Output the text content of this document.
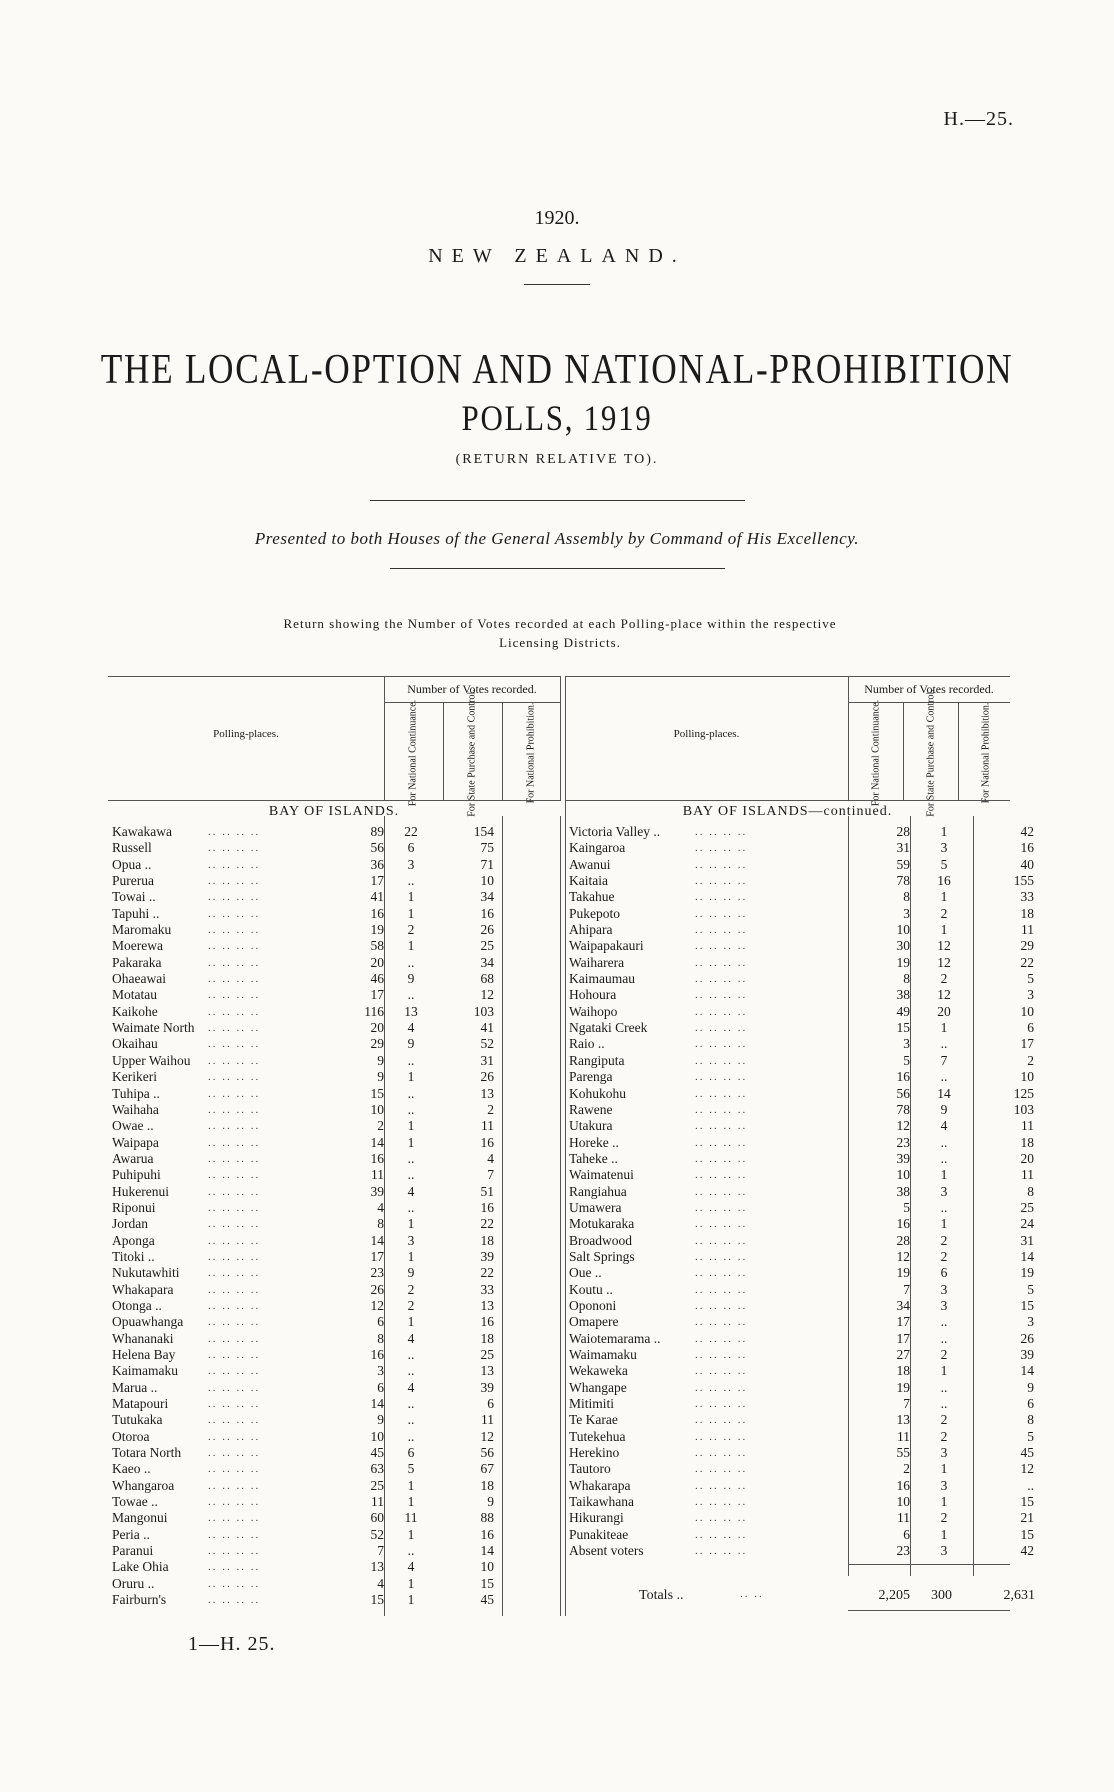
H.—25.
1920.
NEW ZEALAND.
THE LOCAL-OPTION AND NATIONAL-PROHIBITION
POLLS, 1919
(RETURN RELATIVE TO).
Presented to both Houses of the General Assembly by Command of His Excellency.
Return showing the Number of Votes recorded at each Polling-place within the respective
Licensing Districts.
Polling-places.
Number of Votes recorded.
For National Continuance.	For State Purchase and Control.	For National Prohibition.
BAY OF ISLANDS.
Kawakawa	.. .. .. ..	89	22	154
Russell	.. .. .. ..	56	6	75
Opua ..	.. .. .. ..	36	3	71
Purerua	.. .. .. ..	17	..	10
Towai ..	.. .. .. ..	41	1	34
Tapuhi ..	.. .. .. ..	16	1	16
Maromaku	.. .. .. ..	19	2	26
Moerewa	.. .. .. ..	58	1	25
Pakaraka	.. .. .. ..	20	..	34
Ohaeawai	.. .. .. ..	46	9	68
Motatau	.. .. .. ..	17	..	12
Kaikohe	.. .. .. ..	116	13	103
Waimate North .. .. .. ..	20	4	41
Okaihau	.. .. .. ..	29	9	52
Upper Waihou .. .. .. ..	9	..	31
Kerikeri	.. .. .. ..	9	1	26
Tuhipa ..	.. .. .. ..	15	..	13
Waihaha	.. .. .. ..	10	..	2
Owae ..	.. .. .. ..	2	1	11
Waipapa	.. .. .. ..	14	1	16
Awarua	.. .. .. ..	16	..	4
Puhipuhi	.. .. .. ..	11	..	7
Hukerenui	.. .. .. ..	39	4	51
Riponui	.. .. .. ..	4	..	16
Jordan	.. .. .. ..	8	1	22
Aponga	.. .. .. ..	14	3	18
Titoki ..	.. .. .. ..	17	1	39
Nukutawhiti	.. .. .. ..	23	9	22
Whakapara	.. .. .. ..	26	2	33
Otonga ..	.. .. .. ..	12	2	13
Opuawhanga .. .. .. ..	6	1	16
Whananaki	.. .. .. ..	8	4	18
Helena Bay	.. .. .. ..	16	..	25
Kaimamaku	.. .. .. ..	3	..	13
Marua ..	.. .. .. ..	6	4	39
Matapouri	.. .. .. ..	14	..	6
Tutukaka	.. .. .. ..	9	..	11
Otoroa	.. .. .. ..	10	..	12
Totara North .. .. .. ..	45	6	56
Kaeo ..	.. .. .. ..	63	5	67
Whangaroa	.. .. .. ..	25	1	18
Towae ..	.. .. .. ..	11	1	9
Mangonui	.. .. .. ..	60	11	88
Peria ..	.. .. .. ..	52	1	16
Paranui	.. .. .. ..	7	..	14
Lake Ohia	.. .. .. ..	13	4	10
Oruru ..	.. .. .. ..	4	1	15
Fairburn's	.. .. .. ..	15	1	45
Polling-places.
Number of Votes recorded.
For National Continuance.	For State Purchase and Control.	For National Prohibition.
BAY OF ISLANDS—continued.
Victoria Valley ..	.. .. .. ..	28	1	42
Kaingaroa	.. .. .. ..	31	3	16
Awanui	.. .. .. ..	59	5	40
Kaitaia	.. .. .. ..	78	16	155
Takahue	.. .. .. ..	8	1	33
Pukepoto	.. .. .. ..	3	2	18
Ahipara	.. .. .. ..	10	1	11
Waipapakauri	.. .. .. ..	30	12	29
Waiharera	.. .. .. ..	19	12	22
Kaimaumau	.. .. .. ..	8	2	5
Hohoura	.. .. .. ..	38	12	3
Waihopo	.. .. .. ..	49	20	10
Ngataki Creek	.. .. .. ..	15	1	6
Raio ..	.. .. .. ..	3	..	17
Rangiputa	.. .. .. ..	5	7	2
Parenga	.. .. .. ..	16	..	10
Kohukohu	.. .. .. ..	56	14	125
Rawene	.. .. .. ..	78	9	103
Utakura	.. .. .. ..	12	4	11
Horeke ..	.. .. .. ..	23	..	18
Taheke ..	.. .. .. ..	39	..	20
Waimatenui	.. .. .. ..	10	1	11
Rangiahua	.. .. .. ..	38	3	8
Umawera	.. .. .. ..	5	..	25
Motukaraka	.. .. .. ..	16	1	24
Broadwood	.. .. .. ..	28	2	31
Salt Springs	.. .. .. ..	12	2	14
Oue ..	.. .. .. ..	19	6	19
Koutu ..	.. .. .. ..	7	3	5
Opononi	.. .. .. ..	34	3	15
Omapere	.. .. .. ..	17	..	3
Waiotemarama ..	.. .. .. ..	17	..	26
Waimamaku	.. .. .. ..	27	2	39
Wekaweka	.. .. .. ..	18	1	14
Whangape	.. .. .. ..	19	..	9
Mitimiti	.. .. .. ..	7	..	6
Te Karae	.. .. .. ..	13	2	8
Tutekehua	.. .. .. ..	11	2	5
Herekino	.. .. .. ..	55	3	45
Tautoro	.. .. .. ..	2	1	12
Whakarapa	.. .. .. ..	16	3	..
Taikawhana	.. .. .. ..	10	1	15
Hikurangi	.. .. .. ..	11	2	21
Punakiteae	.. .. .. ..	6	1	15
Absent voters	.. .. .. ..	23	3	42
Totals ..	.. ..	2,205	300	2,631
1—H. 25.
